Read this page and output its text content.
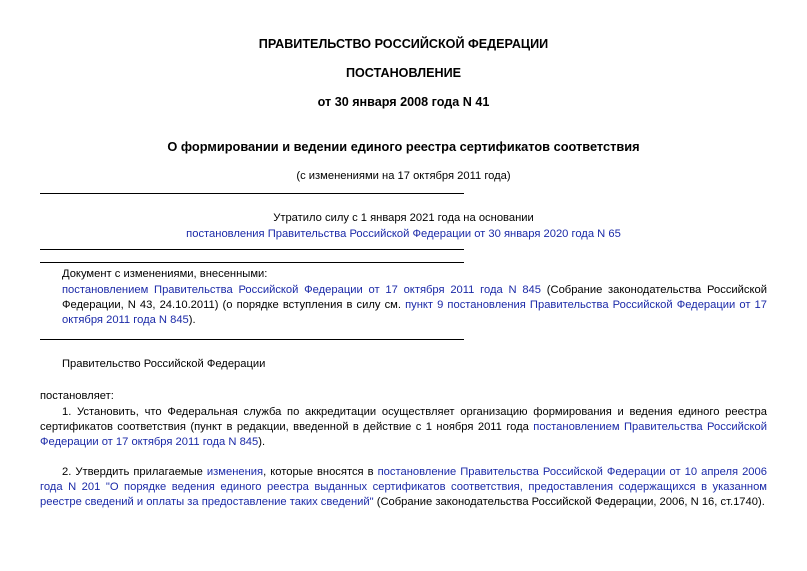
ПРАВИТЕЛЬСТВО РОССИЙСКОЙ ФЕДЕРАЦИИ
ПОСТАНОВЛЕНИЕ
от 30 января 2008 года N 41
О формировании и ведении единого реестра сертификатов соответствия
(с изменениями на 17 октября 2011 года)
Утратило силу с 1 января 2021 года на основании
постановления Правительства Российской Федерации от 30 января 2020 года N 65
Документ с изменениями, внесенными:
постановлением Правительства Российской Федерации от 17 октября 2011 года N 845 (Собрание законодательства Российской Федерации, N 43, 24.10.2011) (о порядке вступления в силу см. пункт 9 постановления Правительства Российской Федерации от 17 октября 2011 года N 845).
Правительство Российской Федерации
постановляет:
1. Установить, что Федеральная служба по аккредитации осуществляет организацию формирования и ведения единого реестра сертификатов соответствия (пункт в редакции, введенной в действие с 1 ноября 2011 года постановлением Правительства Российской Федерации от 17 октября 2011 года N 845).
2. Утвердить прилагаемые изменения, которые вносятся в постановление Правительства Российской Федерации от 10 апреля 2006 года N 201 "О порядке ведения единого реестра выданных сертификатов соответствия, предоставления содержащихся в указанном реестре сведений и оплаты за предоставление таких сведений" (Собрание законодательства Российской Федерации, 2006, N 16, ст.1740).
